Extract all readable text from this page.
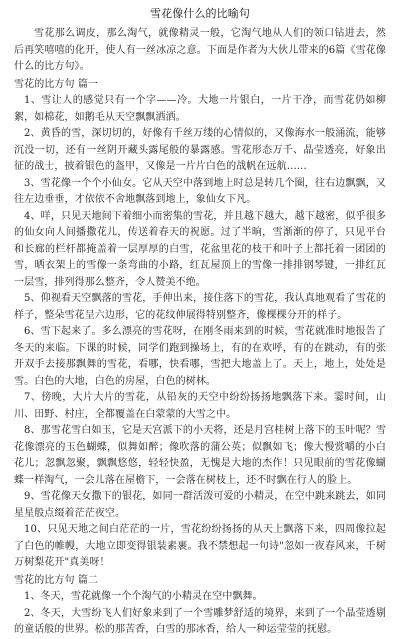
雪花像什么的比喻句

雪花那么调皮，那么淘气，就像精灵一般，它淘气地从人们的领口钻进去，然后再笑嘻嘻的化开，使人有一丝冰凉之意。下面是作者为大伙儿带来的6篇《雪花像什么的比方句》。

雪花的比方句 篇一

1、雪让人的感觉只有一个字——冷。大地一片银白，一片干净，而雪花仍如柳絮，如棉花，如鹅毛从天空飘飘洒洒。

2、黄昏的雪，深切切的，好像有千丝万缕的心情似的，又像海水一般涌流，能够沉没一切，还有一丝阴开藏头露尾般的暴露感。雪花形态万千、晶莹透亮，好象出征的战士，披着银色的盔甲，又像是一片片白色的战帆在远航……

3、雪花像一个个小仙女。它从天空中落到地上时总是转几个圈，往右边飘飘，又往左边垂垂，才依依不舍地飘落到地上，象仙女下凡。

4、咩，只见天地间下着细小而密集的雪花，并且越下越大，越下越密，似乎很多的仙女向人间播撒花儿，传送着春天的祝愿。过了半晌，雪渐渐的停了，只见平台和长廊的栏杆都掩盖着一层厚厚的白雪，花盆里花的枝干和叶子上都托着一团团的雪，晒衣架上的雪像一条弯曲的小路，红瓦屋顶上的雪像一排排钢琴键，一排红瓦一层雪，排列得那么整齐，令人赞美不绝。

5、仰视看天空飘落的雪花，手伸出来，接住落下的雪花，我认真地观看了雪花的样子，整朵雪花呈六边形，它的花纹伸展得特别整齐，像棵棵分开的样子。

6、雪下起来了。多么漂亮的雪花呀，在刚冬雨来到的时候，雪花就准时地报告了冬天的来临。下课的时候，同学们跑到操场上，有的在欢呼，有的在跳动，有的张开双手去接那飘舞的雪花，看哪，快看哪，雪把大地盖上了。天上，地上，处处是雪。白色的大地，白色的房屋，白色的树林。

7、傍晚，大片大片的雪花，从铅灰的天空中纷纷扬扬地飘落下来。霎时间，山川、田野、村庄，全都覆盖在白蒙蒙的大雪之中。

8、那雪花雪白如玉，它是天宫派下的小天将，还是月宫桂树上落下的玉叶呢？雪花像漂亮的玉色蝴蝶，似舞如醉；像吹落的蒲公英；似飘如飞；像大慢赏嚼的小白花儿；忽飘忽聚，飘飘悠悠，轻轻快盈，无愧是大地的杰作！只见眼前的雪花像蝴蝶一样淘气，一会儿落在屋檐下，一会落在树枝上，还不时飘在行人的脸上。

9、雪花像天女撒下的银花，如同一群活泼可爱的小精灵，在空中跳来跳去，如同星星般点缀着茫茫夜空。

10、只见天地之间白茫茫的一片，雪花纷纷扬扬的从天上飘落下来，四周像拉起了白色的帷幔，大地立即变得银装素裹。我不禁想起一句诗"忽如一夜春风来，千树万树梨花开"真美呀！

雪花的比方句 篇二

1、冬天，雪花就像一个个淘气的小精灵在空中飘舞。

2、冬天，大雪纷飞人们好象来到了一个雪雕梦舒适的境界，来到了一个晶莹透剔的童话般的世界。松的那苦香，白雪的那冰香，给人一种运莹莹的抚慰。
